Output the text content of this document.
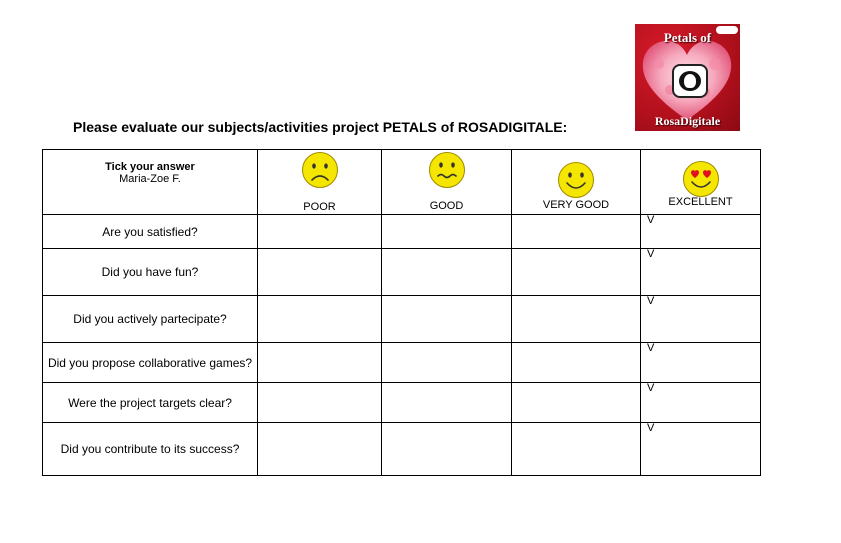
Please evaluate our subjects/activities project PETALS of ROSADIGITALE:
Petals of
RosaDigitale
Tick your answer
Maria-Zoe F.	POOR	GOOD	VERY GOOD	EXCELLENT

Are you satisfied?				V

Did you have fun?				V

Did you actively partecipate?				V

Did you propose collaborative games?				V

Were the project targets clear?				V

Did you contribute to its success?				V
